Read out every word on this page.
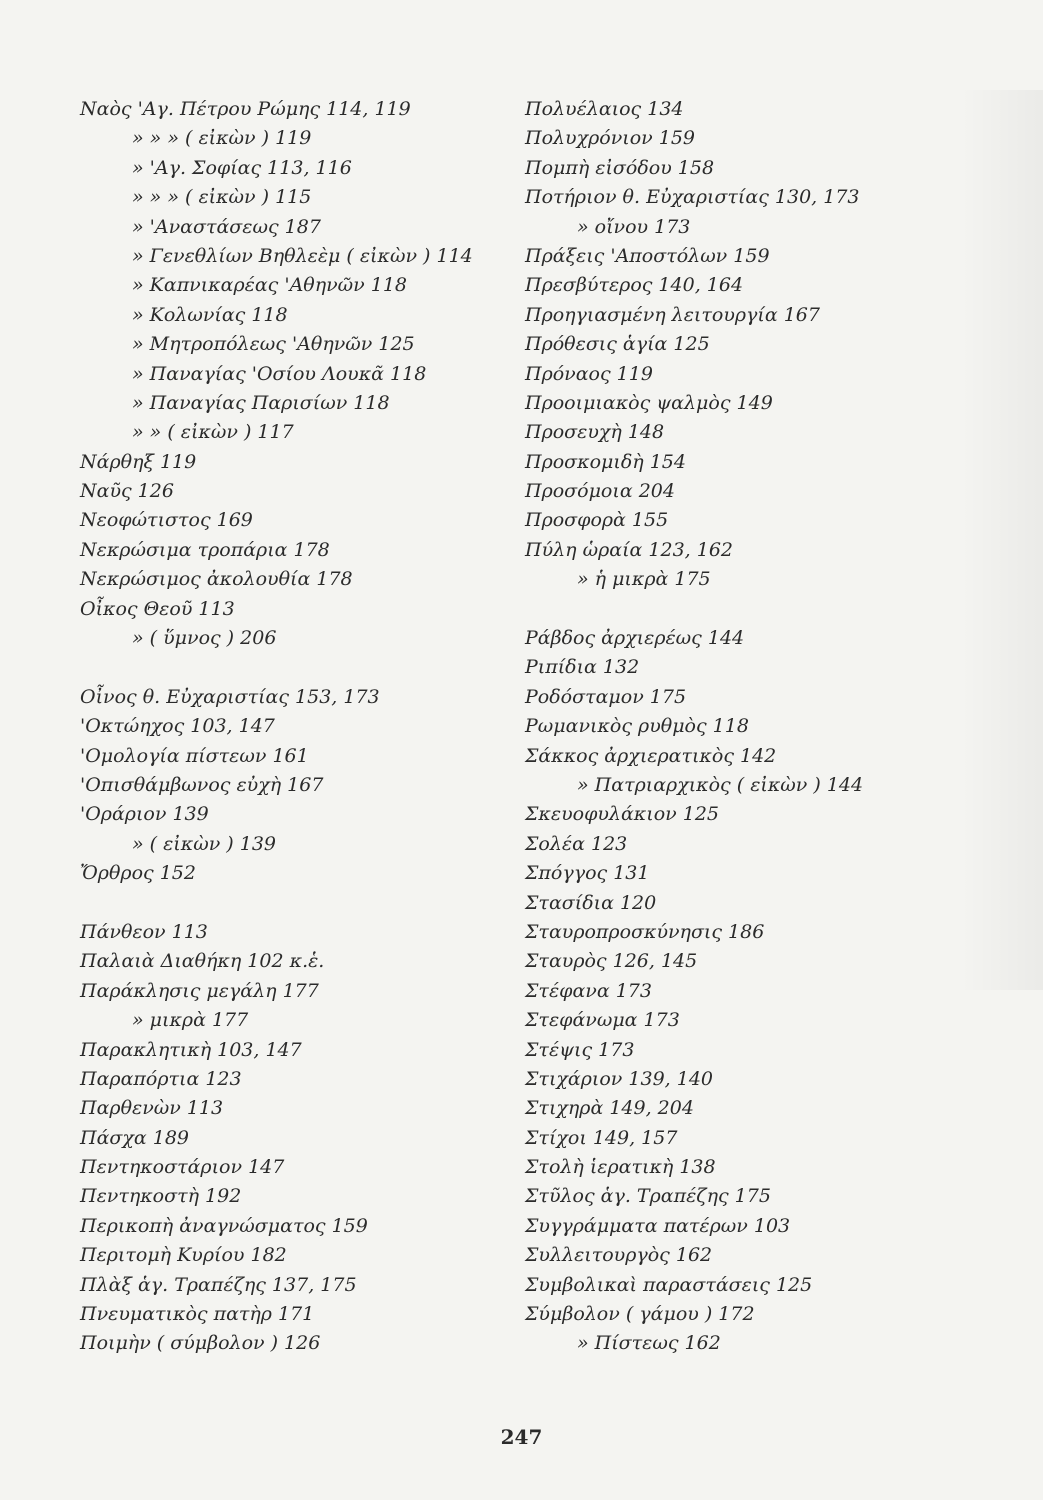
Ναὸς 'Αγ. Πέτρου Ρώμης 114, 119
» » » ( εἰκὼν ) 119
» 'Αγ. Σοφίας 113, 116
» » » ( εἰκὼν ) 115
» 'Αναστάσεως 187
» Γενεθλίων Βηθλεὲμ ( εἰκὼν ) 114
» Καπνικαρέας 'Αθηνῶν 118
» Κολωνίας 118
» Μητροπόλεως 'Αθηνῶν 125
» Παναγίας 'Οσίου Λουκᾶ 118
» Παναγίας Παρισίων 118
» » ( εἰκὼν ) 117
Νάρθηξ 119
Ναῦς 126
Νεοφώτιστος 169
Νεκρώσιμα τροπάρια 178
Νεκρώσιμος ἀκολουθία 178
Οἶκος Θεοῦ 113
» ( ὕμνος ) 206
Οἶνος θ. Εὐχαριστίας 153, 173
'Οκτώηχος 103, 147
'Ομολογία πίστεων 161
'Οπισθάμβωνος εὐχὴ 167
'Οράριον 139
» ( εἰκὼν ) 139
Ὄρθρος 152
Πάνθεον 113
Παλαιὰ Διαθήκη 102 κ.ἑ.
Παράκλησις μεγάλη 177
» μικρὰ 177
Παρακλητικὴ 103, 147
Παραπόρτια 123
Παρθενὼν 113
Πάσχα 189
Πεντηκοστάριον 147
Πεντηκοστὴ 192
Περικοπὴ ἀναγνώσματος 159
Περιτομὴ Κυρίου 182
Πλὰξ ἁγ. Τραπέζης 137, 175
Πνευματικὸς πατὴρ 171
Ποιμὴν ( σύμβολον ) 126
Πολυέλαιος 134
Πολυχρόνιον 159
Πομπὴ εἰσόδου 158
Ποτήριον θ. Εὐχαριστίας 130, 173
» οἴνου 173
Πράξεις 'Αποστόλων 159
Πρεσβύτερος 140, 164
Προηγιασμένη λειτουργία 167
Πρόθεσις ἁγία 125
Πρόναος 119
Προοιμιακὸς ψαλμὸς 149
Προσευχὴ 148
Προσκομιδὴ 154
Προσόμοια 204
Προσφορὰ 155
Πύλη ὡραία 123, 162
» ἡ μικρὰ 175
Ράβδος ἀρχιερέως 144
Ριπίδια 132
Ροδόσταμον 175
Ρωμανικὸς ρυθμὸς 118
Σάκκος ἀρχιερατικὸς 142
» Πατριαρχικὸς ( εἰκὼν ) 144
Σκευοφυλάκιον 125
Σολέα 123
Σπόγγος 131
Στασίδια 120
Σταυροπροσκύνησις 186
Σταυρὸς 126, 145
Στέφανα 173
Στεφάνωμα 173
Στέψις 173
Στιχάριον 139, 140
Στιχηρὰ 149, 204
Στίχοι 149, 157
Στολὴ ἱερατικὴ 138
Στῦλος ἁγ. Τραπέζης 175
Συγγράμματα πατέρων 103
Συλλειτουργὸς 162
Συμβολικαὶ παραστάσεις 125
Σύμβολον ( γάμου ) 172
» Πίστεως 162
247
